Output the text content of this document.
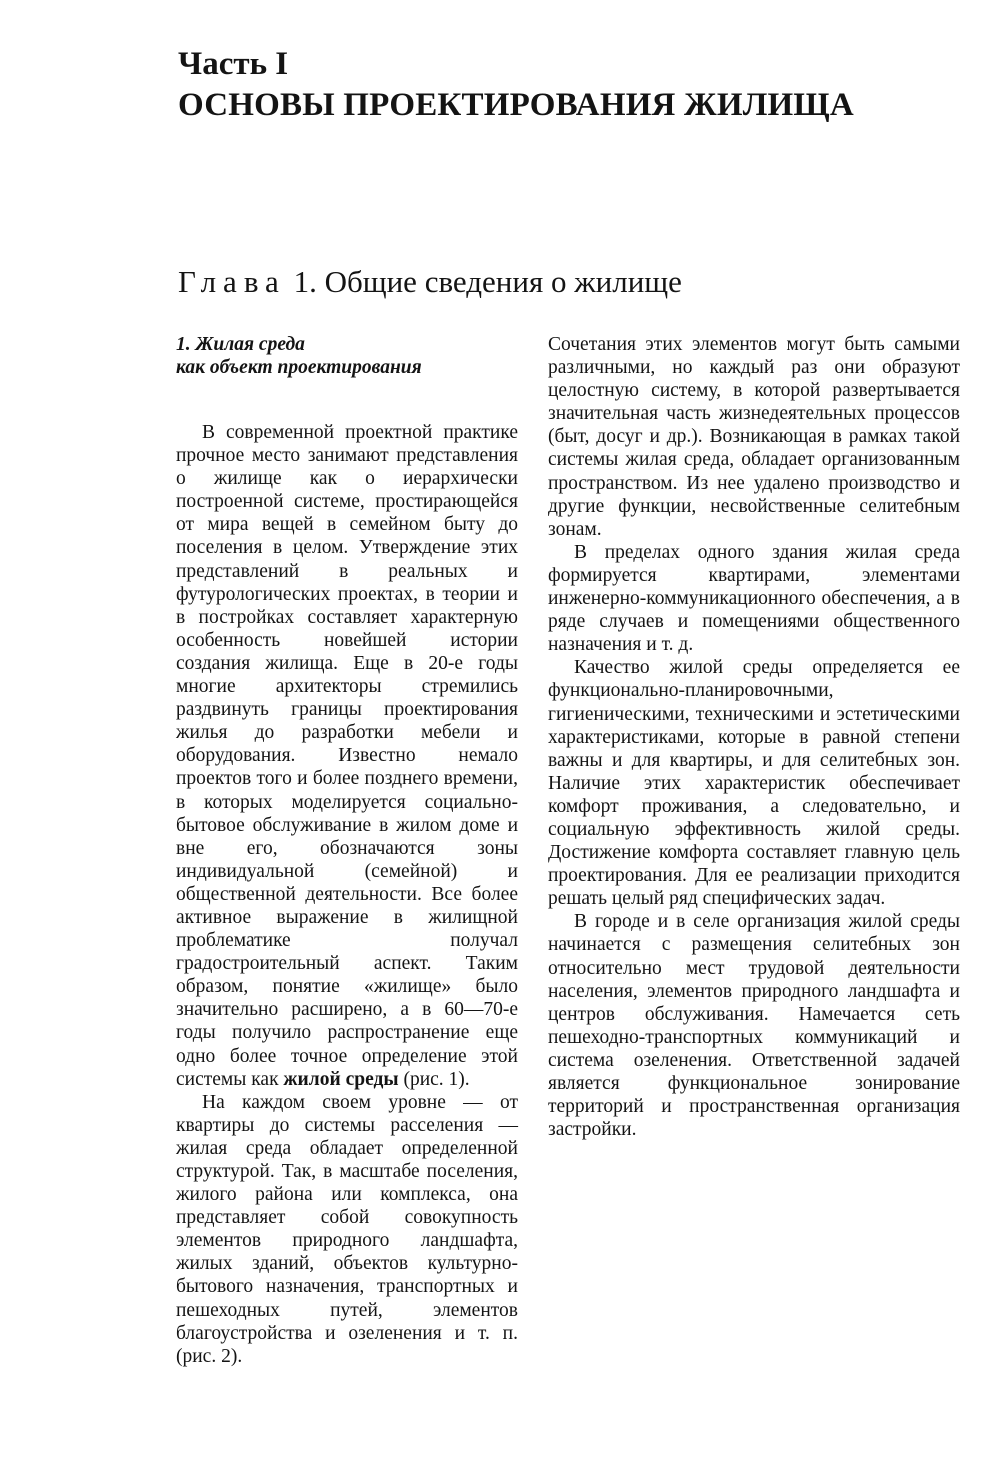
Часть I
ОСНОВЫ ПРОЕКТИРОВАНИЯ ЖИЛИЩА
Глава 1. Общие сведения о жилище
1. Жилая среда
как объект проектирования

В современной проектной практике прочное место занимают представления о жилище как о иерархически построенной системе, простирающейся от мира вещей в семейном быту до поселения в целом. Утверждение этих представлений в реальных и футурологических проектах, в теории и в постройках составляет характерную особенность новейшей истории создания жилища. Еще в 20-е годы многие архитекторы стремились раздвинуть границы проектирования жилья до разработки мебели и оборудования. Известно немало проектов того и более позднего времени, в которых моделируется социально-бытовое обслуживание в жилом доме и вне его, обозначаются зоны индивидуальной (семейной) и общественной деятельности. Все более активное выражение в жилищной проблематике получал градостроительный аспект. Таким образом, понятие «жилище» было значительно расширено, а в 60—70-е годы получило распространение еще одно более точное определение этой системы как жилой среды (рис. 1).

На каждом своем уровне — от квартиры до системы расселения — жилая среда обладает определенной структурой. Так, в масштабе поселения, жилого района или комплекса, она представляет собой совокупность элементов природного ландшафта, жилых зданий, объектов культурно-бытового назначения, транспортных и пешеходных путей, элементов благоустройства и озеленения и т. п. (рис. 2).

Сочетания этих элементов могут быть самыми различными, но каждый раз они образуют целостную систему, в которой развертывается значительная часть жизнедеятельных процессов (быт, досуг и др.). Возникающая в рамках такой системы жилая среда, обладает организованным пространством. Из нее удалено производство и другие функции, несвойственные селитебным зонам.

В пределах одного здания жилая среда формируется квартирами, элементами инженерно-коммуникационного обеспечения, а в ряде случаев и помещениями общественного назначения и т. д.

Качество жилой среды определяется ее функционально-планировочными, гигиеническими, техническими и эстетическими характеристиками, которые в равной степени важны и для квартиры, и для селитебных зон. Наличие этих характеристик обеспечивает комфорт проживания, а следовательно, и социальную эффективность жилой среды. Достижение комфорта составляет главную цель проектирования. Для ее реализации приходится решать целый ряд специфических задач.

В городе и в селе организация жилой среды начинается с размещения селитебных зон относительно мест трудовой деятельности населения, элементов природного ландшафта и центров обслуживания. Намечается сеть пешеходно-транспортных коммуникаций и система озеленения. Ответственной задачей является функциональное зонирование территорий и пространственная организация застройки.
